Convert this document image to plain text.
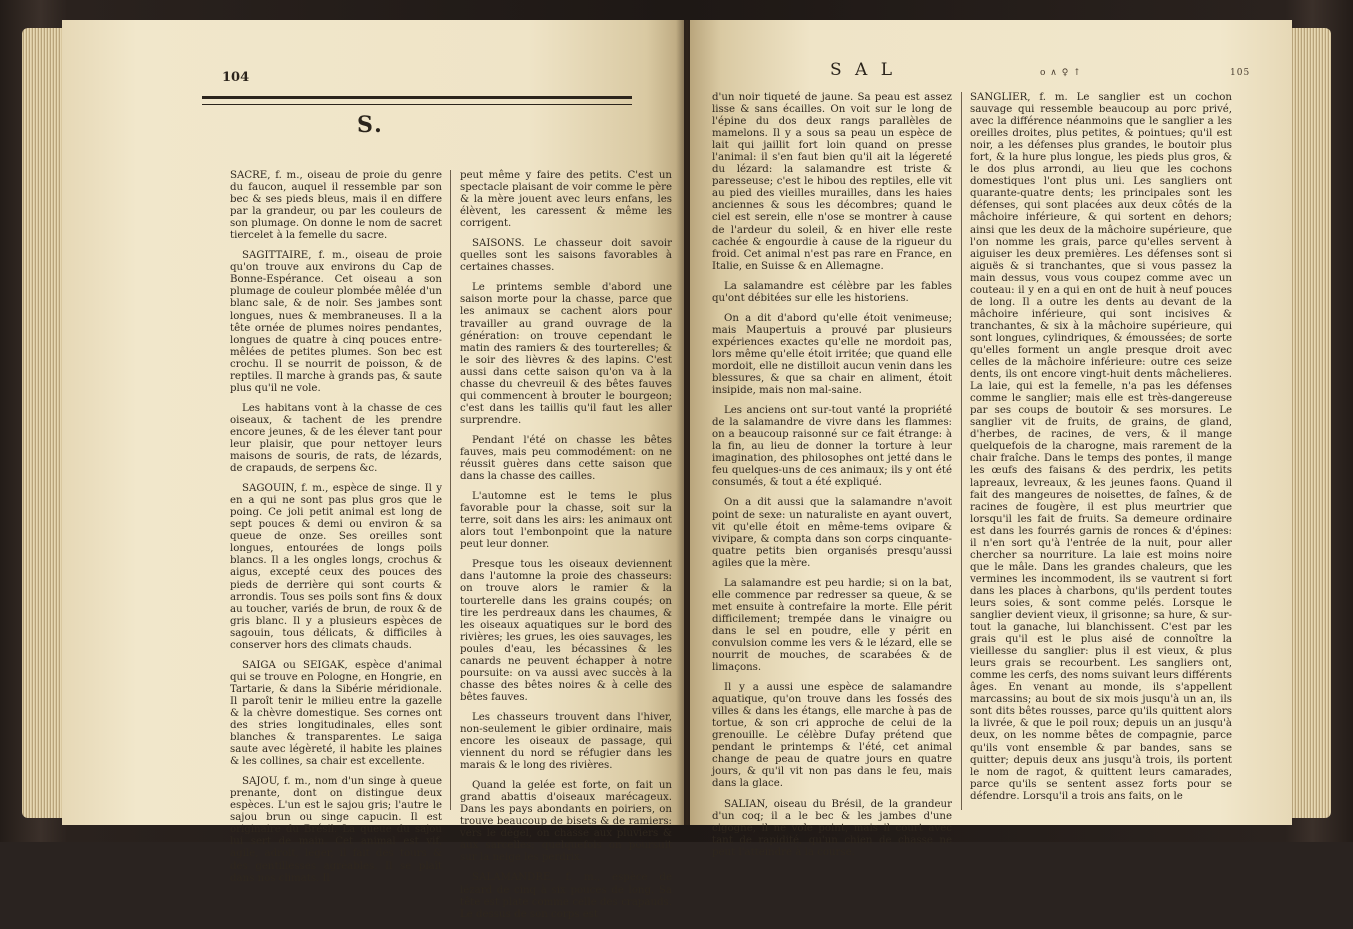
104
S.

SACRE, f. m., oiseau de proie du genre du faucon, auquel il ressemble par son bec & ses pieds bleus, mais il en differe par la grandeur, ou par les couleurs de son plumage. On donne le nom de sacret tiercelet à la femelle du sacre.

SAGITTAIRE, f. m., oiseau de proie qu'on trouve aux environs du Cap de Bonne-Espérance. Cet oiseau a son plumage de couleur plombée mêlée d'un blanc sale, & de noir. Ses jambes sont longues, nues & membraneuses. Il a la tête ornée de plumes noires pendantes, longues de quatre à cinq pouces entre-mêlées de petites plumes. Son bec est crochu. Il se nourrit de poisson, & de reptiles. Il marche à grands pas, & saute plus qu'il ne vole.

Les habitans vont à la chasse de ces oiseaux, & tachent de les prendre encore jeunes, & de les élever tant pour leur plaisir, que pour nettoyer leurs maisons de souris, de rats, de lézards, de crapauds, de serpens &c.

SAGOUIN, f. m., espèce de singe. Il y en a qui ne sont pas plus gros que le poing. Ce joli petit animal est long de sept pouces & demi ou environ & sa queue de onze. Ses oreilles sont longues, entourées de longs poils blancs. Il a les ongles longs, crochus & aigus, excepté ceux des pouces des pieds de derrière qui sont courts & arrondis. Tous ses poils sont fins & doux au toucher, variés de brun, de roux & de gris blanc. Il y a plusieurs espèces de sagouin, tous délicats, & difficiles à conserver hors des climats chauds.

SAIGA ou SEIGAK, espèce d'animal qui se trouve en Pologne, en Hongrie, en Tartarie, & dans la Sibérie méridionale. Il paroît tenir le milieu entre la gazelle & la chèvre domestique. Ses cornes ont des stries longitudinales, elles sont blanches & transparentes. Le saiga saute avec légèreté, il habite les plaines & les collines, sa chair est excellente.

SAJOU, f. m., nom d'un singe à queue prenante, dont on distingue deux espèces. L'un est le sajou gris; l'autre le sajou brun ou singe capucin. Il est originaire du Brésil. La queue du sajou lui sert de main. Cet animal est vif, agile, adroit, léger, il fait des tours & des gentillesses agréables. Il se plaît dans nos climats. Il

peut même y faire des petits. C'est un spectacle plaisant de voir comme le père & la mère jouent avec leurs enfans, les élèvent, les caressent & même les corrigent.

SAISONS. Le chasseur doit savoir quelles sont les saisons favorables à certaines chasses.

Le printems semble d'abord une saison morte pour la chasse, parce que les animaux se cachent alors pour travailler au grand ouvrage de la génération: on trouve cependant le matin des ramiers & des tourterelles; & le soir des lièvres & des lapins. C'est aussi dans cette saison qu'on va à la chasse du chevreuil & des bêtes fauves qui commencent à brouter le bourgeon; c'est dans les taillis qu'il faut les aller surprendre.

Pendant l'été on chasse les bêtes fauves, mais peu commodément: on ne réussit guères dans cette saison que dans la chasse des cailles.

L'automne est le tems le plus favorable pour la chasse, soit sur la terre, soit dans les airs: les animaux ont alors tout l'embonpoint que la nature peut leur donner.

Presque tous les oiseaux deviennent dans l'automne la proie des chasseurs: on trouve alors le ramier & la tourterelle dans les grains coupés; on tire les perdreaux dans les chaumes, & les oiseaux aquatiques sur le bord des rivières; les grues, les oies sauvages, les poules d'eau, les bécassines & les canards ne peuvent échapper à notre poursuite: on va aussi avec succès à la chasse des bêtes noires & à celle des bêtes fauves.

Les chasseurs trouvent dans l'hiver, non-seulement le gibier ordinaire, mais encore les oiseaux de passage, qui viennent du nord se réfugier dans les marais & le long des rivières.

Quand la gelée est forte, on fait un grand abattis d'oiseaux marécageux. Dans les pays abondants en poiriers, on trouve beaucoup de bisets & de ramiers: vers le dégel, on chasse aux pluviers & aux sarcelles; quelquefois on poursuit sur la neige les perdrix.

SALAMANDRE, f. m., espèce de lézard de cinq à six pouces de long. Sa tête est plate comme celle des crapauds. Le dessus de son corps est

S A L	o ∧ ♀ ↑	105

d'un noir tiqueté de jaune. Sa peau est assez lisse & sans écailles. On voit sur le long de l'épine du dos deux rangs parallèles de mamelons. Il y a sous sa peau un espèce de lait qui jaillit fort loin quand on presse l'animal: il s'en faut bien qu'il ait la légereté du lézard: la salamandre est triste & paresseuse; c'est le hibou des reptiles, elle vit au pied des vieilles murailles, dans les haies anciennes & sous les décombres; quand le ciel est serein, elle n'ose se montrer à cause de l'ardeur du soleil, & en hiver elle reste cachée & engourdie à cause de la rigueur du froid. Cet animal n'est pas rare en France, en Italie, en Suisse & en Allemagne.

La salamandre est célèbre par les fables qu'ont débitées sur elle les historiens.

On a dit d'abord qu'elle étoit venimeuse; mais Maupertuis a prouvé par plusieurs expériences exactes qu'elle ne mordoit pas, lors même qu'elle étoit irritée; que quand elle mordoit, elle ne distilloit aucun venin dans les blessures, & que sa chair en aliment, étoit insipide, mais non mal-saine.

Les anciens ont sur-tout vanté la propriété de la salamandre de vivre dans les flammes: on a beaucoup raisonné sur ce fait étrange: à la fin, au lieu de donner la torture à leur imagination, des philosophes ont jetté dans le feu quelques-uns de ces animaux; ils y ont été consumés, & tout a été expliqué.

On a dit aussi que la salamandre n'avoit point de sexe: un naturaliste en ayant ouvert, vit qu'elle étoit en même-tems ovipare & vivipare, & compta dans son corps cinquante-quatre petits bien organisés presqu'aussi agiles que la mère.

La salamandre est peu hardie; si on la bat, elle commence par redresser sa queue, & se met ensuite à contrefaire la morte. Elle périt difficilement; trempée dans le vinaigre ou dans le sel en poudre, elle y périt en convulsion comme les vers & le lézard, elle se nourrit de mouches, de scarabées & de limaçons.

Il y a aussi une espèce de salamandre aquatique, qu'on trouve dans les fossés des villes & dans les étangs, elle marche à pas de tortue, & son cri approche de celui de la grenouille. Le célèbre Dufay prétend que pendant le printemps & l'été, cet animal change de peau de quatre jours en quatre jours, & qu'il vit non pas dans le feu, mais dans la glace.

SALIAN, oiseau du Brésil, de la grandeur d'un coq; il a le bec & les jambes d'une cigogne, il ne vole point, mais il court avec tant de rapidité, qu'un chien de chasse ne peut l'atteindre à la course.

SANGLIER, f. m. Le sanglier est un cochon sauvage qui ressemble beaucoup au porc privé, avec la différence néanmoins que le sanglier a les oreilles droites, plus petites, & pointues; qu'il est noir, a les défenses plus grandes, le boutoir plus fort, & la hure plus longue, les pieds plus gros, & le dos plus arrondi, au lieu que les cochons domestiques l'ont plus uni. Les sangliers ont quarante-quatre dents; les principales sont les défenses, qui sont placées aux deux côtés de la mâchoire inférieure, & qui sortent en dehors; ainsi que les deux de la mâchoire supérieure, que l'on nomme les grais, parce qu'elles servent à aiguiser les deux premières. Les défenses sont si aiguës & si tranchantes, que si vous passez la main dessus, vous vous coupez comme avec un couteau: il y en a qui en ont de huit à neuf pouces de long. Il a outre les dents au devant de la mâchoire inférieure, qui sont incisives & tranchantes, & six à la mâchoire supérieure, qui sont longues, cylindriques, & émoussées; de sorte qu'elles forment un angle presque droit avec celles de la mâchoire inférieure: outre ces seize dents, ils ont encore vingt-huit dents mâchelieres. La laie, qui est la femelle, n'a pas les défenses comme le sanglier; mais elle est très-dangereuse par ses coups de boutoir & ses morsures. Le sanglier vit de fruits, de grains, de gland, d'herbes, de racines, de vers, & il mange quelquefois de la charogne, mais rarement de la chair fraîche. Dans le temps des pontes, il mange les œufs des faisans & des perdrix, les petits lapreaux, levreaux, & les jeunes faons. Quand il fait des mangeures de noisettes, de faînes, & de racines de fougère, il est plus meurtrier que lorsqu'il les fait de fruits. Sa demeure ordinaire est dans les fourrés garnis de ronces & d'épines: il n'en sort qu'à l'entrée de la nuit, pour aller chercher sa nourriture. La laie est moins noire que le mâle. Dans les grandes chaleurs, que les vermines les incommodent, ils se vautrent si fort dans les places à charbons, qu'ils perdent toutes leurs soies, & sont comme pelés. Lorsque le sanglier devient vieux, il grisonne; sa hure, & sur-tout la ganache, lui blanchissent. C'est par les grais qu'il est le plus aisé de connoître la vieillesse du sanglier: plus il est vieux, & plus leurs grais se recourbent. Les sangliers ont, comme les cerfs, des noms suivant leurs différents âges. En venant au monde, ils s'appellent marcassins; au bout de six mois jusqu'à un an, ils sont dits bêtes rousses, parce qu'ils quittent alors la livrée, & que le poil roux; depuis un an jusqu'à deux, on les nomme bêtes de compagnie, parce qu'ils vont ensemble & par bandes, sans se quitter; depuis deux ans jusqu'à trois, ils portent le nom de ragot, & quittent leurs camarades, parce qu'ils se sentent assez forts pour se défendre. Lorsqu'il a trois ans faits, on le
